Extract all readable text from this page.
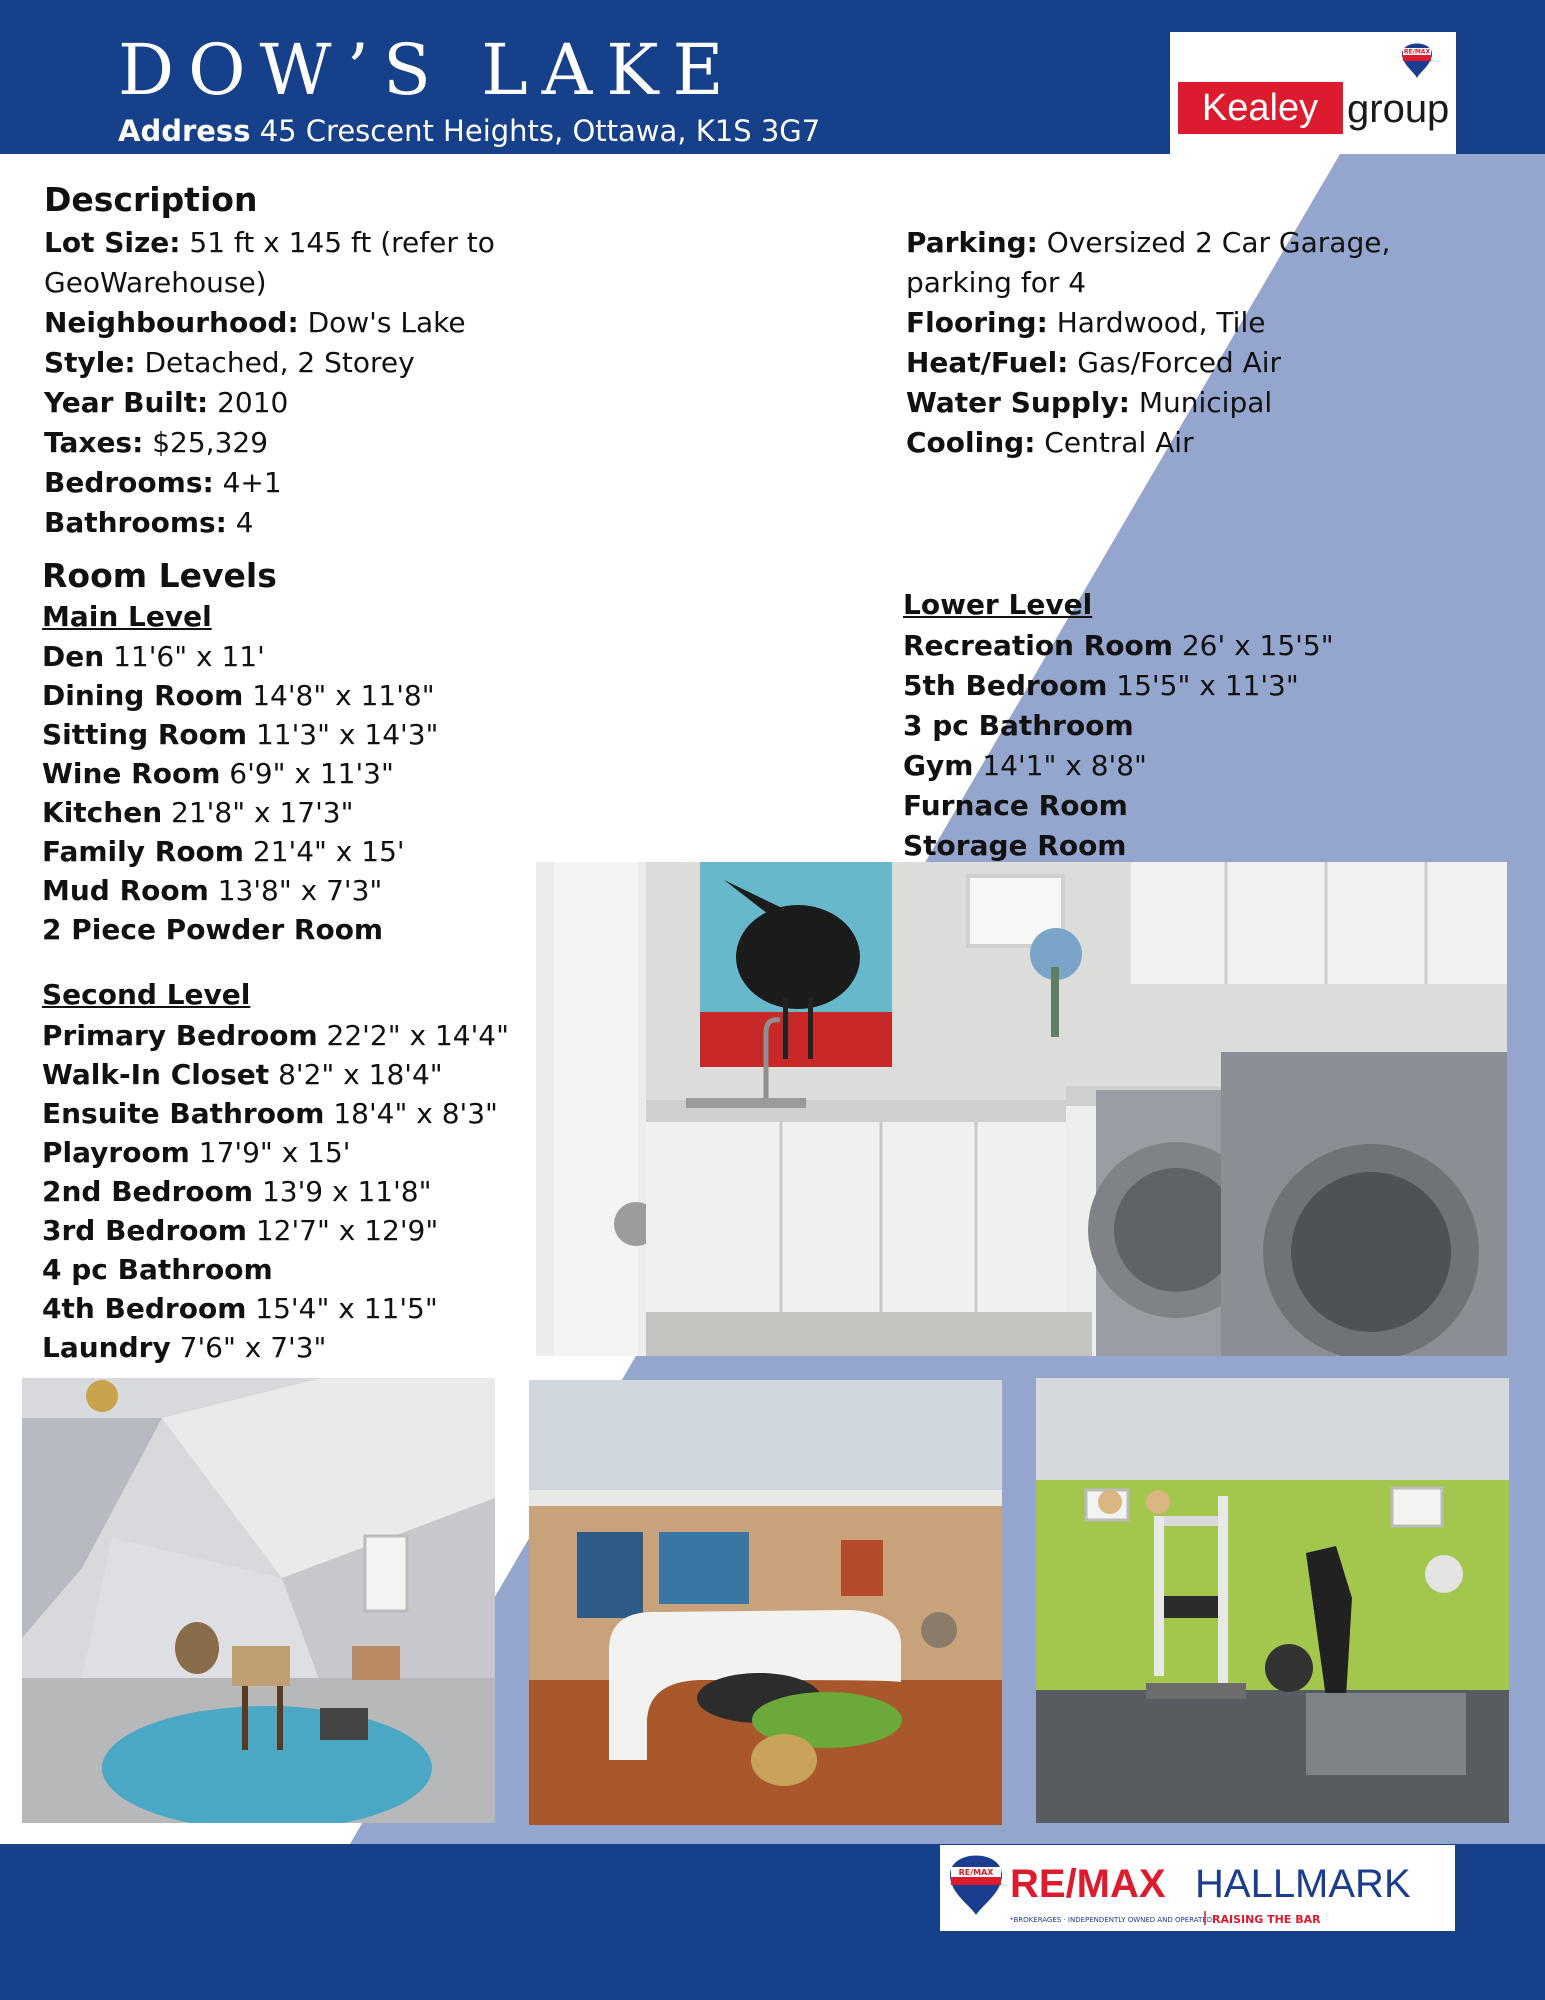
DOW’S LAKE
Address 45 Crescent Heights, Ottawa, K1S 3G7
RE/MAX
Kealey group
Description
Lot Size: 51 ft x 145 ft (refer to
GeoWarehouse)
Neighbourhood: Dow's Lake
Style: Detached, 2 Storey
Year Built: 2010
Taxes: $25,329
Bedrooms: 4+1
Bathrooms: 4
Parking: Oversized 2 Car Garage,
parking for 4
Flooring: Hardwood, Tile
Heat/Fuel: Gas/Forced Air
Water Supply: Municipal
Cooling: Central Air
Room Levels
Main Level
Second Level
Lower Level
Den 11'6" x 11'
Dining Room 14'8" x 11'8"
Sitting Room 11'3" x 14'3"
Wine Room 6'9" x 11'3"
Kitchen 21'8" x 17'3"
Family Room 21'4" x 15'
Mud Room 13'8" x 7'3"
2 Piece Powder Room
Primary Bedroom 22'2" x 14'4"
Walk-In Closet 8'2" x 18'4"
Ensuite Bathroom 18'4" x 8'3"
Playroom 17'9" x 15'
2nd Bedroom 13'9 x 11'8"
3rd Bedroom 12'7" x 12'9"
4 pc Bathroom
4th Bedroom 15'4" x 11'5"
Laundry 7'6" x 7'3"
Recreation Room 26' x 15'5"
5th Bedroom 15'5" x 11'3"
3 pc Bathroom
Gym 14'1" x 8'8"
Furnace Room
Storage Room
RE/MAX RE/MAX HALLMARK
*BROKERAGES · INDEPENDENTLY OWNED AND OPERATED RAISING THE BAR
